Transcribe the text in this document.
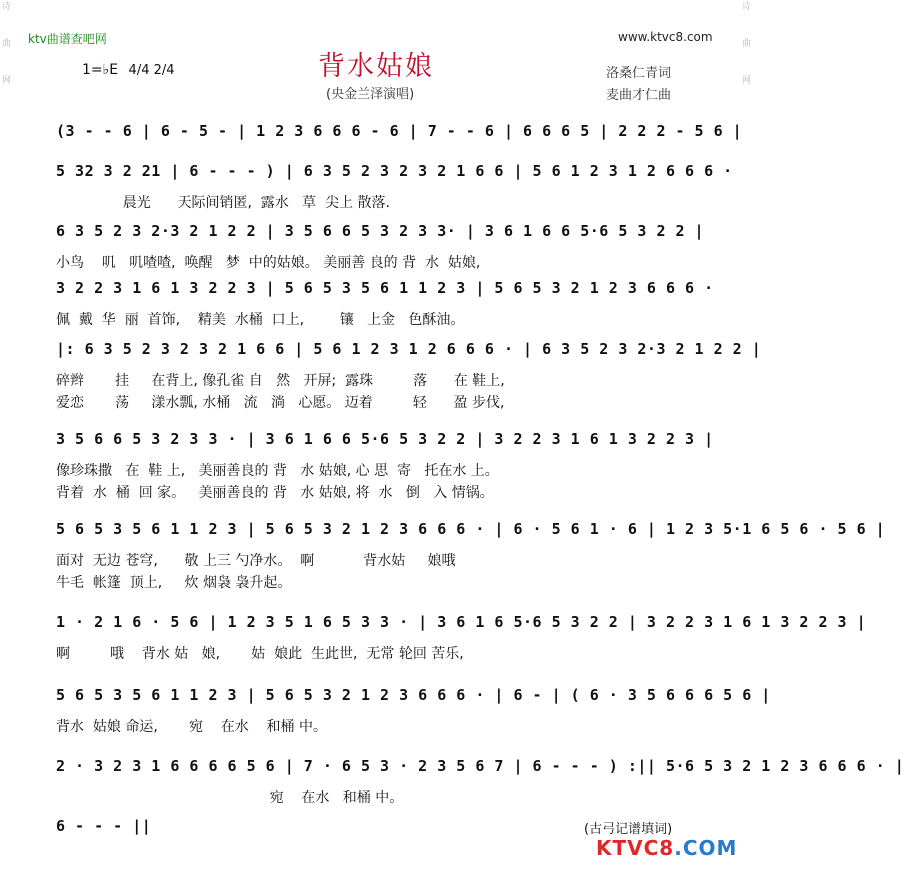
诗
曲
网
诗
曲
网
ktv曲谱查吧网	www.ktvc8.com
背水姑娘
(央金兰泽演唱)
1=♭E 4/4 2/4	洛桑仁青词
麦曲才仁曲
(3 - - 6 | 6 - 5 - | 1 2 3 6 6 6 - 6 | 7 - - 6 | 6 6 6 5 | 2 2 2 - 5 6 |
5 32 3 2 21 | 6 - - - ) | 6 3 5 2 3 2 3 2 1 6 6 | 5 6 1 2 3 1 2 6 6 6 ·
晨光      天际间销匿,  露水   草  尖上 散落.
6 3 5 2 3 2·3 2 1 2 2 | 3 5 6 6 5 3 2 3 3· | 3 6 1 6 6 5·6 5 3 2 2 |
小鸟    叽   叽喳喳,  唤醒   梦  中的姑娘。 美丽善 良的 背  水  姑娘,
3 2 2 3 1 6 1 3 2 2 3 | 5 6 5 3 5 6 1 1 2 3 | 5 6 5 3 2 1 2 3 6 6 6 ·
佩  戴  华  丽  首饰,    精美  水桶  口上,        镶   上金   色酥油。
|: 6 3 5 2 3 2 3 2 1 6 6 | 5 6 1 2 3 1 2 6 6 6 · | 6 3 5 2 3 2·3 2 1 2 2 |
碎辫       挂     在背上, 像孔雀 自   然   开屏;  露珠         落      在 鞋上,
爱恋       荡     漾水瓢, 水桶   流   淌   心愿。 迈着         轻      盈 步伐,
3 5 6 6 5 3 2 3 3 · | 3 6 1 6 6 5·6 5 3 2 2 | 3 2 2 3 1 6 1 3 2 2 3 |
像珍珠撒   在  鞋 上,   美丽善良的 背   水 姑娘, 心 思  寄   托在水 上。
背着  水  桶  回 家。   美丽善良的 背   水 姑娘, 将  水   倒   入 情锅。
5 6 5 3 5 6 1 1 2 3 | 5 6 5 3 2 1 2 3 6 6 6 · | 6 · 5 6 1 · 6 | 1 2 3 5·1 6 5 6 · 5 6 |
面对  无边 苍穹,      敬 上三 勺净水。  啊           背水姑     娘哦
牛毛  帐篷  顶上,     炊 烟袅 袅升起。
1 · 2 1 6 · 5 6 | 1 2 3 5 1 6 5 3 3 · | 3 6 1 6 5·6 5 3 2 2 | 3 2 2 3 1 6 1 3 2 2 3 |
啊         哦    背水 姑   娘,       姑  娘此  生此世,  无常 轮回 苦乐,
5 6 5 3 5 6 1 1 2 3 | 5 6 5 3 2 1 2 3 6 6 6 · | 6 - | ( 6 · 3 5 6 6 6 5 6 |
背水  姑娘 命运,       宛    在水    和桶 中。
2 · 3 2 3 1 6 6 6 6 5 6 | 7 · 6 5 3 · 2 3 5 6 7 | 6 - - - ) :|| 5·6 5 3 2 1 2 3 6 6 6 · |
宛    在水   和桶 中。
6 - - - ||	(古弓记谱填词)
KTVC8.COM
